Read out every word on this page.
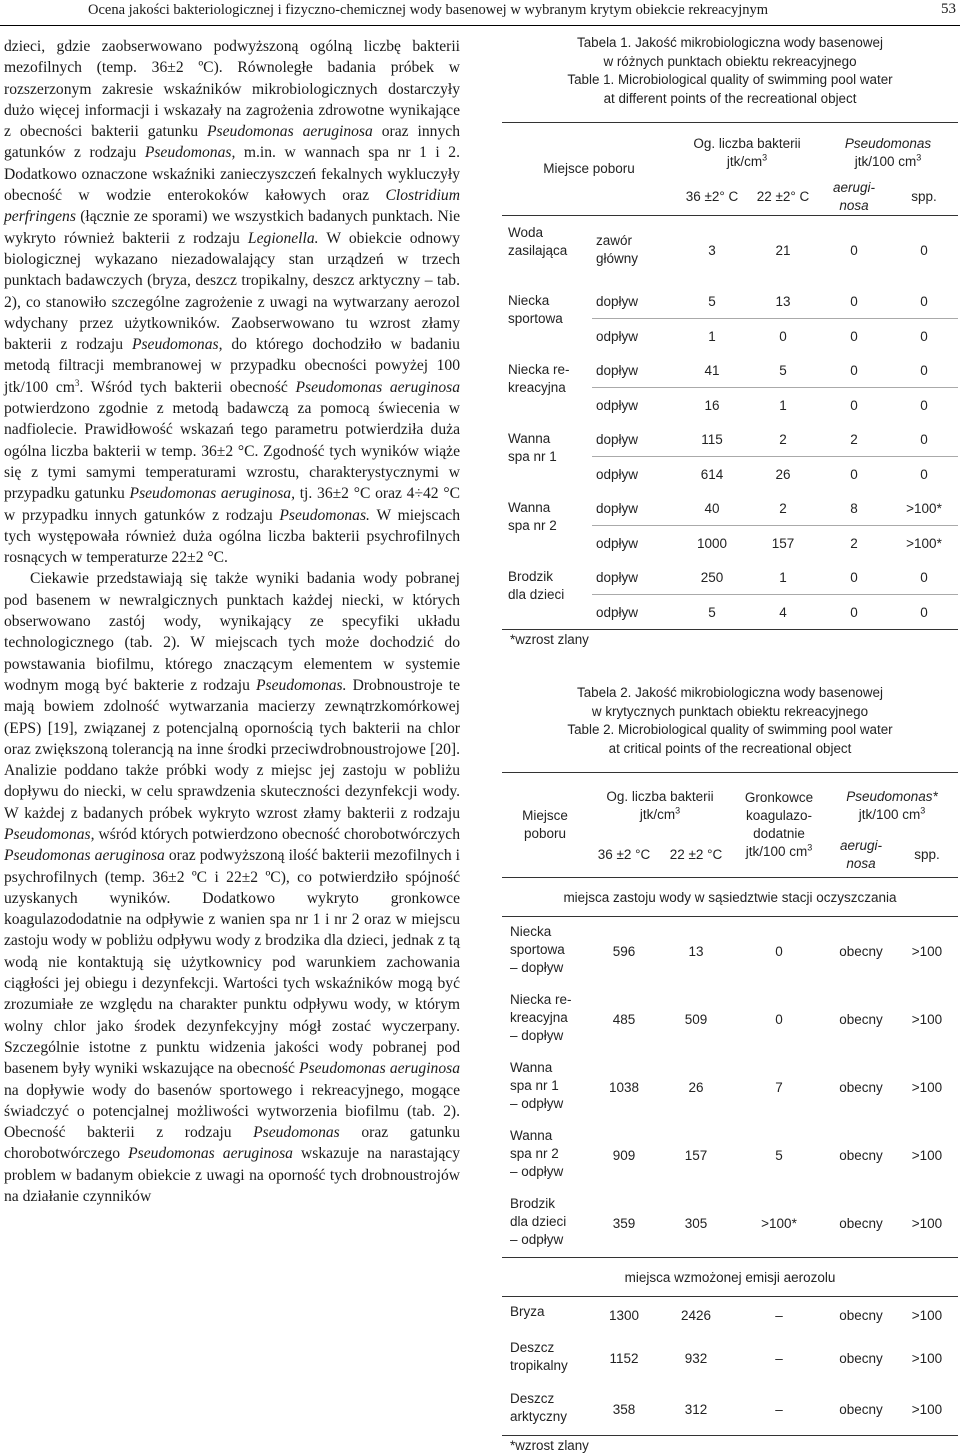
Ocena jakości bakteriologicznej i fizyczno-chemicznej wody basenowej w wybranym krytym obiekcie rekreacyjnym	53

dzieci, gdzie zaobserwowano podwyższoną ogólną liczbę bakterii mezofilnych (temp. 36±2 ºC). Równoległe badania próbek w rozszerzonym zakresie wskaźników mikrobiologicznych dostarczyły dużo więcej informacji i wskazały na zagrożenia zdrowotne wynikające z obecności bakterii gatunku Pseudomonas aeruginosa oraz innych gatunków z rodzaju Pseudomonas, m.in. w wannach spa nr 1 i 2. Dodatkowo oznaczone wskaźniki zanieczyszczeń fekalnych wykluczyły obecność w wodzie enterokoków kałowych oraz Clostridium perfringens (łącznie ze sporami) we wszystkich badanych punktach. Nie wykryto również bakterii z rodzaju Legionella. W obiekcie odnowy biologicznej wykazano niezadowalający stan urządzeń w trzech punktach badawczych (bryza, deszcz tropikalny, deszcz arktyczny – tab. 2), co stanowiło szczególne zagrożenie z uwagi na wytwarzany aerozol wdychany przez użytkowników. Zaobserwowano tu wzrost złamy bakterii z rodzaju Pseudomonas, do którego dochodziło w badaniu metodą filtracji membranowej w przypadku obecności powyżej 100 jtk/100 $cm^3$. Wśród tych bakterii obecność Pseudomonas aeruginosa potwierdzono zgodnie z metodą badawczą za pomocą świecenia w nadfiolecie. Prawidłowość wskazań tego parametru potwierdziła duża ogólna liczba bakterii w temp. 36±2 °C. Zgodność tych wyników wiąże się z tymi samymi temperaturami wzrostu, charakterystycznymi w przypadku gatunku Pseudomonas aeruginosa, tj. 36±2 °C oraz 4÷42 °C w przypadku innych gatunków z rodzaju Pseudomonas. W miejscach tych występowała również duża ogólna liczba bakterii psychrofilnych rosnących w temperaturze 22±2 °C.

Ciekawie przedstawiają się także wyniki badania wody pobranej pod basenem w newralgicznych punktach każdej niecki, w których obserwowano zastój wody, wynikający ze specyfiki układu technologicznego (tab. 2). W miejscach tych może dochodzić do powstawania biofilmu, którego znaczącym elementem w systemie wodnym mogą być bakterie z rodzaju Pseudomonas. Drobnoustroje te mają bowiem zdolność wytwarzania macierzy zewnątrzkomórkowej (EPS) [19], związanej z potencjalną opornością tych bakterii na chlor oraz zwiększoną tolerancją na inne środki przeciwdrobnoustrojowe [20]. Analizie poddano także próbki wody z miejsc jej zastoju w pobliżu dopływu do niecki, w celu sprawdzenia skuteczności dezynfekcji wody. W każdej z badanych próbek wykryto wzrost złamy bakterii z rodzaju Pseudomonas, wśród których potwierdzono obecność chorobotwórczych Pseudomonas aeruginosa oraz podwyższoną ilość bakterii mezofilnych i psychrofilnych (temp. 36±2 ºC i 22±2 ºC), co potwierdziło spójność uzyskanych wyników. Dodatkowo wykryto gronkowce koagulazododatnie na odpływie z wanien spa nr 1 i nr 2 oraz w miejscu zastoju wody w pobliżu odpływu wody z brodzika dla dzieci, jednak z tą wodą nie kontaktują się użytkownicy pod warunkiem zachowania ciągłości jej obiegu i dezynfekcji. Wartości tych wskaźników mogą być zrozumiałe ze względu na charakter punktu odpływu wody, w którym wolny chlor jako środek dezynfekcyjny mógł zostać wyczerpany. Szczególnie istotne z punktu widzenia jakości wody pobranej pod basenem były wyniki wskazujące na obecność Pseudomonas aeruginosa na dopływie wody do basenów sportowego i rekreacyjnego, mogące świadczyć o potencjalnej możliwości wytworzenia biofilmu (tab. 2). Obecność bakterii z rodzaju Pseudomonas oraz gatunku chorobotwórczego Pseudomonas aeruginosa wskazuje na narastający problem w badanym obiekcie z uwagi na oporność tych drobnoustrojów na działanie czynników

Tabela 1. Jakość mikrobiologiczna wody basenowej
w różnych punktach obiektu rekreacyjnego
Table 1. Microbiological quality of swimming pool water
at different points of the recreational object
Miejsce poboru		Og. liczba bakterii
jtk/$cm^3$		Pseudomonas
jtk/100 $cm^3$
		36 ±2° C	22 ±2° C	aerugi-
nosa	spp.
Woda
zasilająca	zawór
główny	3	21	0	0
Niecka
sportowa	dopływ	5	13	0	0
	odpływ	1	0	0	0
Niecka re-
kreacyjna	dopływ	41	5	0	0
	odpływ	16	1	0	0
Wanna
spa nr 1	dopływ	115	2	2	0
	odpływ	614	26	0	0
Wanna
spa nr 2	dopływ	40	2	8	>100*
	odpływ	1000	157	2	>100*
Brodzik
dla dzieci	dopływ	250	1	0	0
	odpływ	5	4	0	0
*wzrost zlany
Tabela 2. Jakość mikrobiologiczna wody basenowej
w krytycznych punktach obiektu rekreacyjnego
Table 2. Microbiological quality of swimming pool water
at critical points of the recreational object
Miejsce
poboru	Og. liczba bakterii
jtk/$cm^3$		Gronkowce
koagulazo-
dodatnie
jtk/100 $cm^3$	Pseudomonas*
jtk/100 $cm^3$
	36 ±2 °C	22 ±2 °C		aerugi-
nosa	spp.
miejsca zastoju wody w sąsiedztwie stacji oczyszczania					
Niecka
sportowa
– dopływ	596	13	0	obecny	>100
Niecka re-
kreacyjna
– dopływ	485	509	0	obecny	>100
Wanna
spa nr 1
– odpływ	1038	26	7	obecny	>100
Wanna
spa nr 2
– odpływ	909	157	5	obecny	>100
Brodzik
dla dzieci
– odpływ	359	305	>100*	obecny	>100
miejsca wzmożonej emisji aerozolu					
Bryza	1300	2426	–	obecny	>100
Deszcz
tropikalny	1152	932	–	obecny	>100
Deszcz
arktyczny	358	312	–	obecny	>100
*wzrost zlany
